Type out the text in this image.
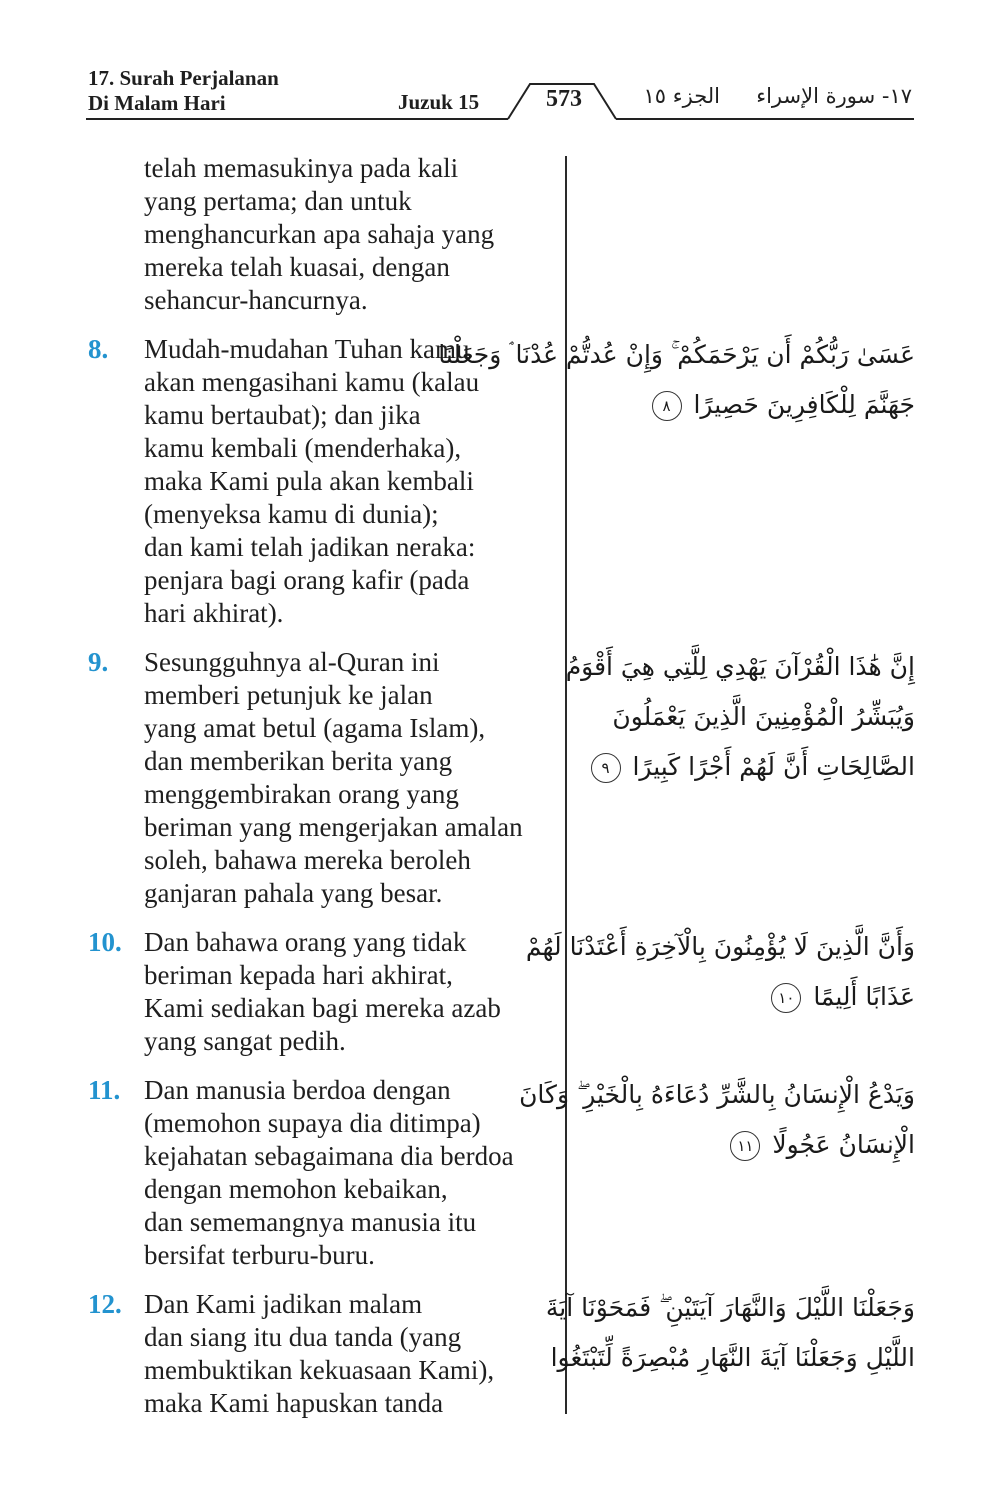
17. Surah Perjalanan
Di Malam Hari	Juzuk 15	573	الجزء ١٥	١٧- سورة الإسراء
telah memasukinya pada kali
yang pertama; dan untuk
menghancurkan apa sahaja yang
mereka telah kuasai, dengan
sehancur-hancurnya.
8.	Mudah-mudahan Tuhan kamu
akan mengasihani kamu (kalau
kamu bertaubat); dan jika
kamu kembali (menderhaka),
maka Kami pula akan kembali
(menyeksa kamu di dunia);
dan kami telah jadikan neraka:
penjara bagi orang kafir (pada
hari akhirat).
عَسَىٰ رَبُّكُمْ أَن يَرْحَمَكُمْ ۚ وَإِنْ عُدتُّمْ عُدْنَا ۘ وَجَعَلْنَا
جَهَنَّمَ لِلْكَافِرِينَ حَصِيرًا ٨
9.	Sesungguhnya al-Quran ini
memberi petunjuk ke jalan
yang amat betul (agama Islam),
dan memberikan berita yang
menggembirakan orang yang
beriman yang mengerjakan amalan
soleh, bahawa mereka beroleh
ganjaran pahala yang besar.
إِنَّ هَٰذَا الْقُرْآنَ يَهْدِي لِلَّتِي هِيَ أَقْوَمُ
وَيُبَشِّرُ الْمُؤْمِنِينَ الَّذِينَ يَعْمَلُونَ
الصَّالِحَاتِ أَنَّ لَهُمْ أَجْرًا كَبِيرًا ٩
10. Dan bahawa orang yang tidak
beriman kepada hari akhirat,
Kami sediakan bagi mereka azab
yang sangat pedih.
وَأَنَّ الَّذِينَ لَا يُؤْمِنُونَ بِالْآخِرَةِ أَعْتَدْنَا لَهُمْ
عَذَابًا أَلِيمًا ١٠
11. Dan manusia berdoa dengan
(memohon supaya dia ditimpa)
kejahatan sebagaimana dia berdoa
dengan memohon kebaikan,
dan sememangnya manusia itu
bersifat terburu-buru.
وَيَدْعُ الْإِنسَانُ بِالشَّرِّ دُعَاءَهُ بِالْخَيْرِ ۖ وَكَانَ
الْإِنسَانُ عَجُولًا ١١
12. Dan Kami jadikan malam
dan siang itu dua tanda (yang
membuktikan kekuasaan Kami),
maka Kami hapuskan tanda
وَجَعَلْنَا اللَّيْلَ وَالنَّهَارَ آيَتَيْنِ ۖ فَمَحَوْنَا آيَةَ
اللَّيْلِ وَجَعَلْنَا آيَةَ النَّهَارِ مُبْصِرَةً لِّتَبْتَغُوا
